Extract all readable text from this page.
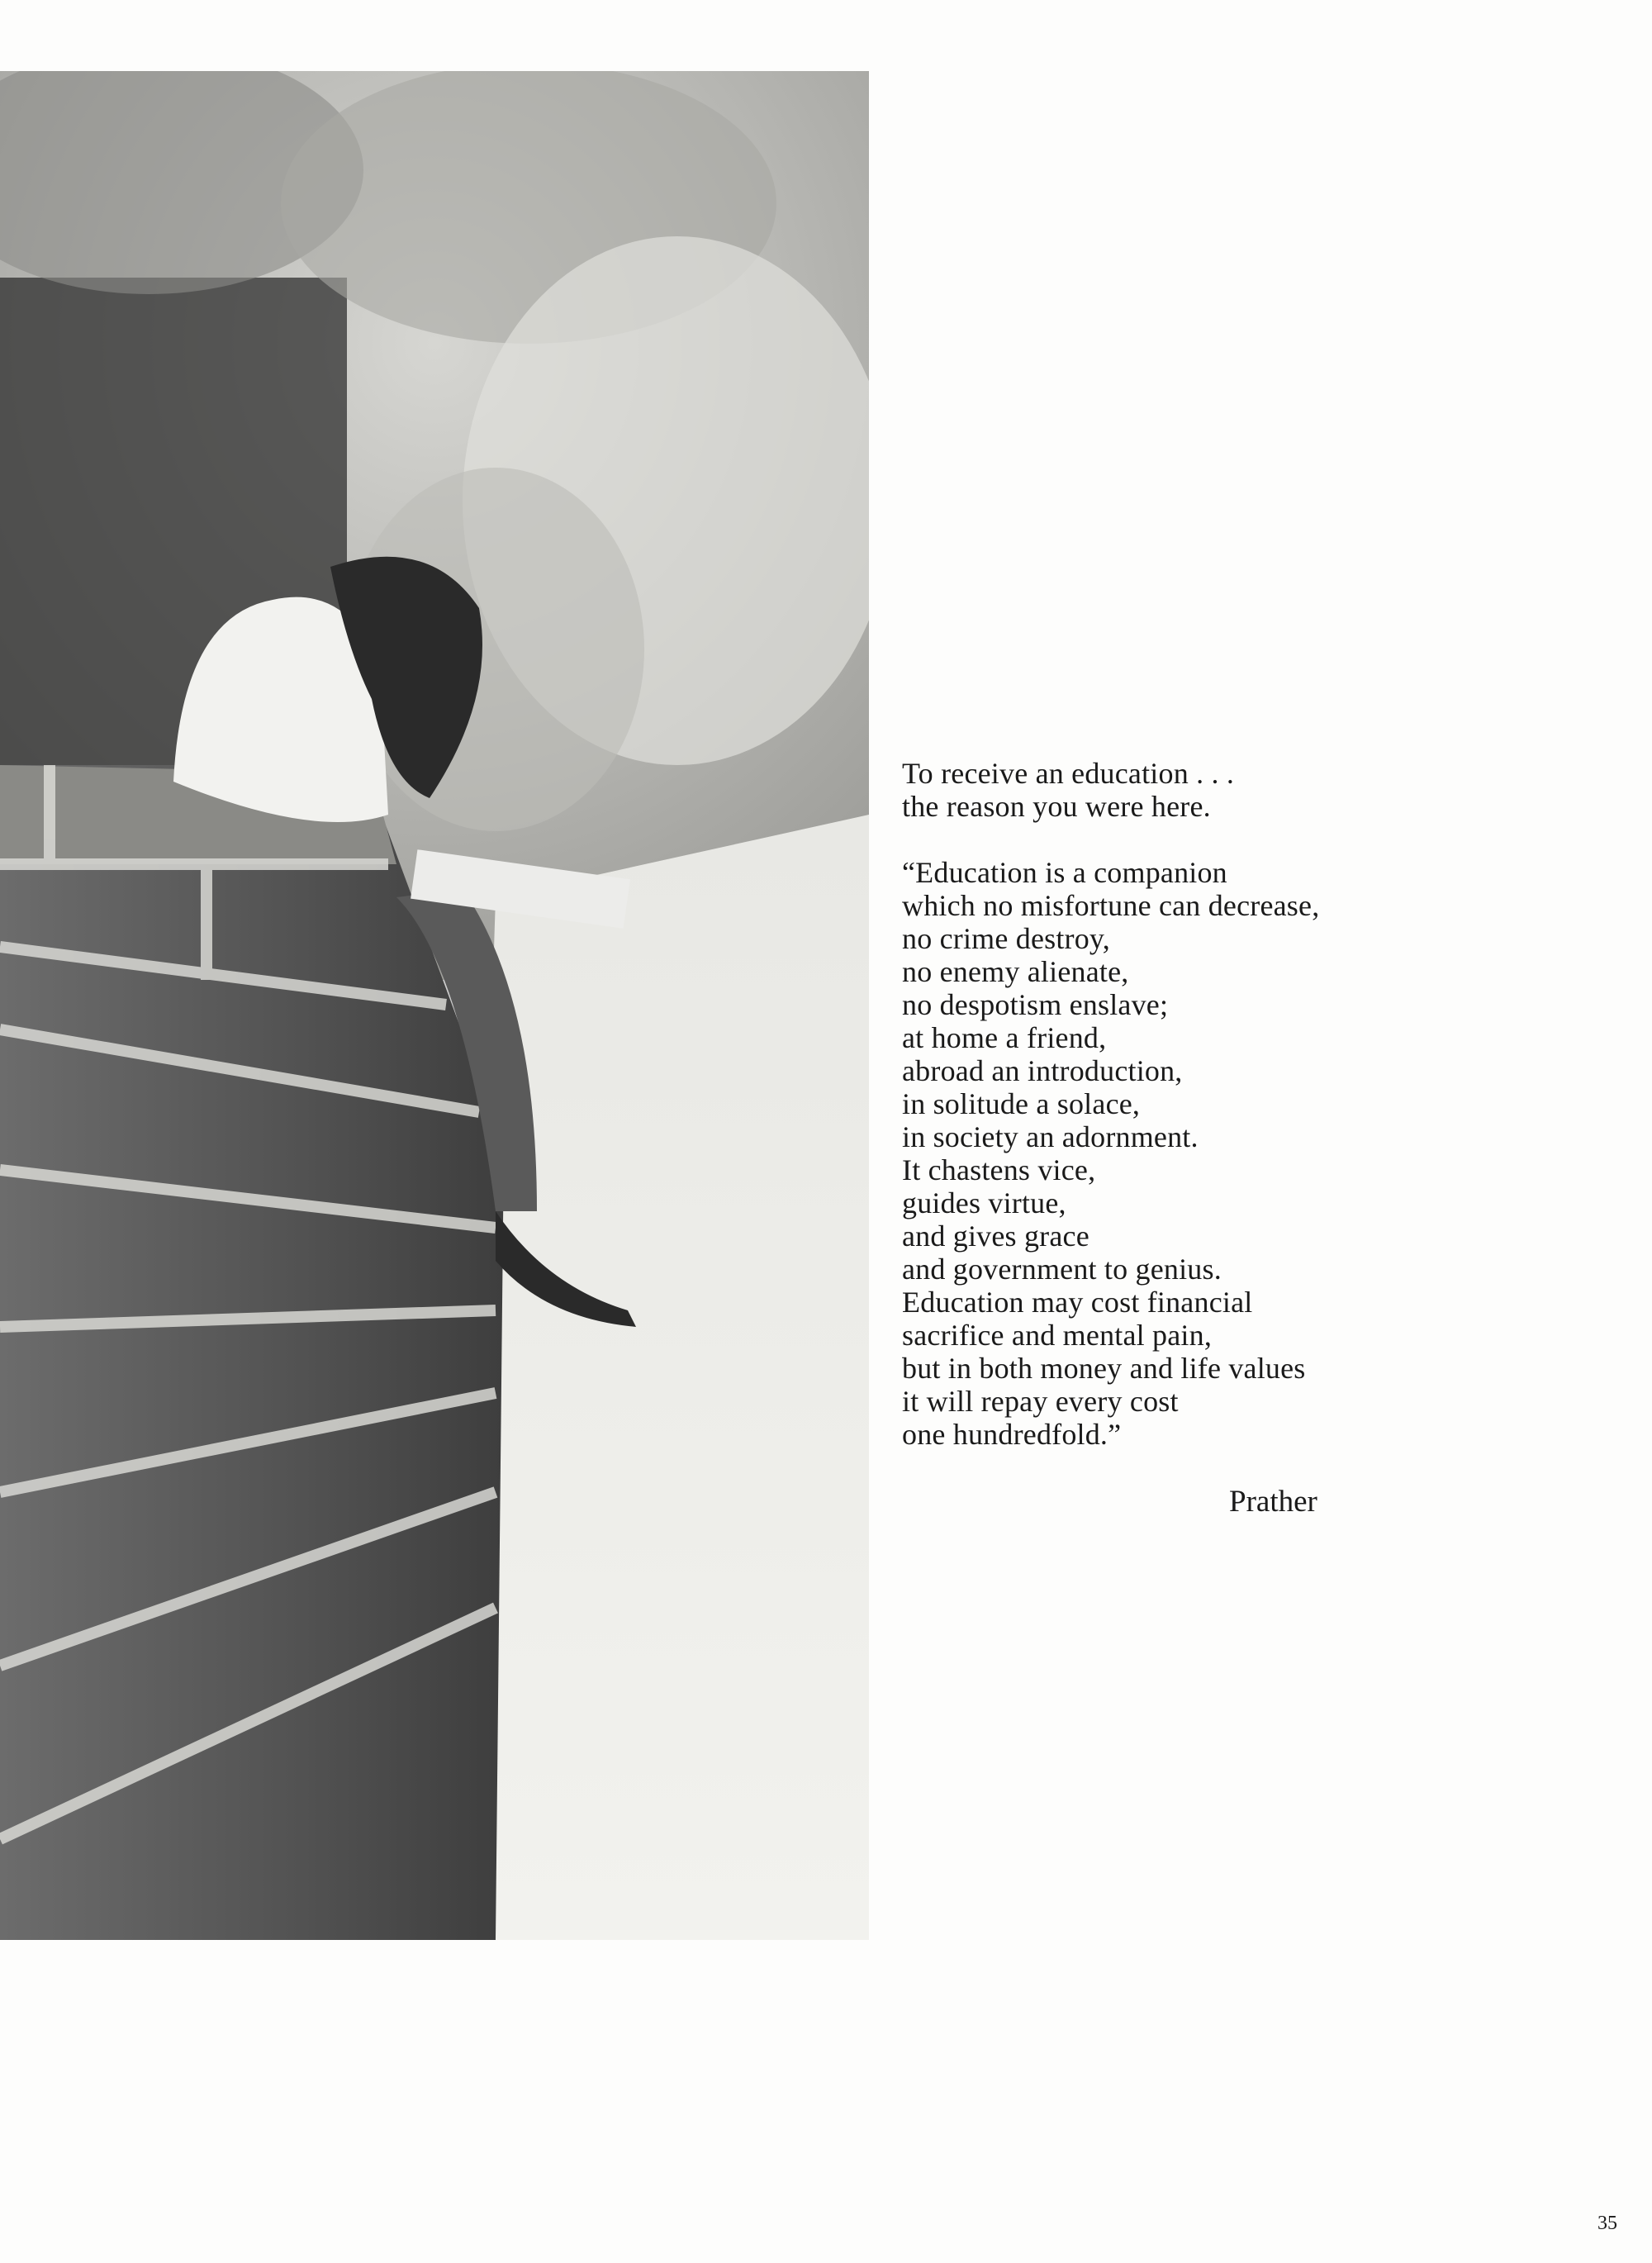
To receive an education . . .
the reason you were here.
“Education is a companion
which no misfortune can decrease,
no crime destroy,
no enemy alienate,
no despotism enslave;
at home a friend,
abroad an introduction,
in solitude a solace,
in society an adornment.
It chastens vice,
guides virtue,
and gives grace
and government to genius.
Education may cost financial
sacrifice and mental pain,
but in both money and life values
it will repay every cost
one hundredfold.”
Prather
35
